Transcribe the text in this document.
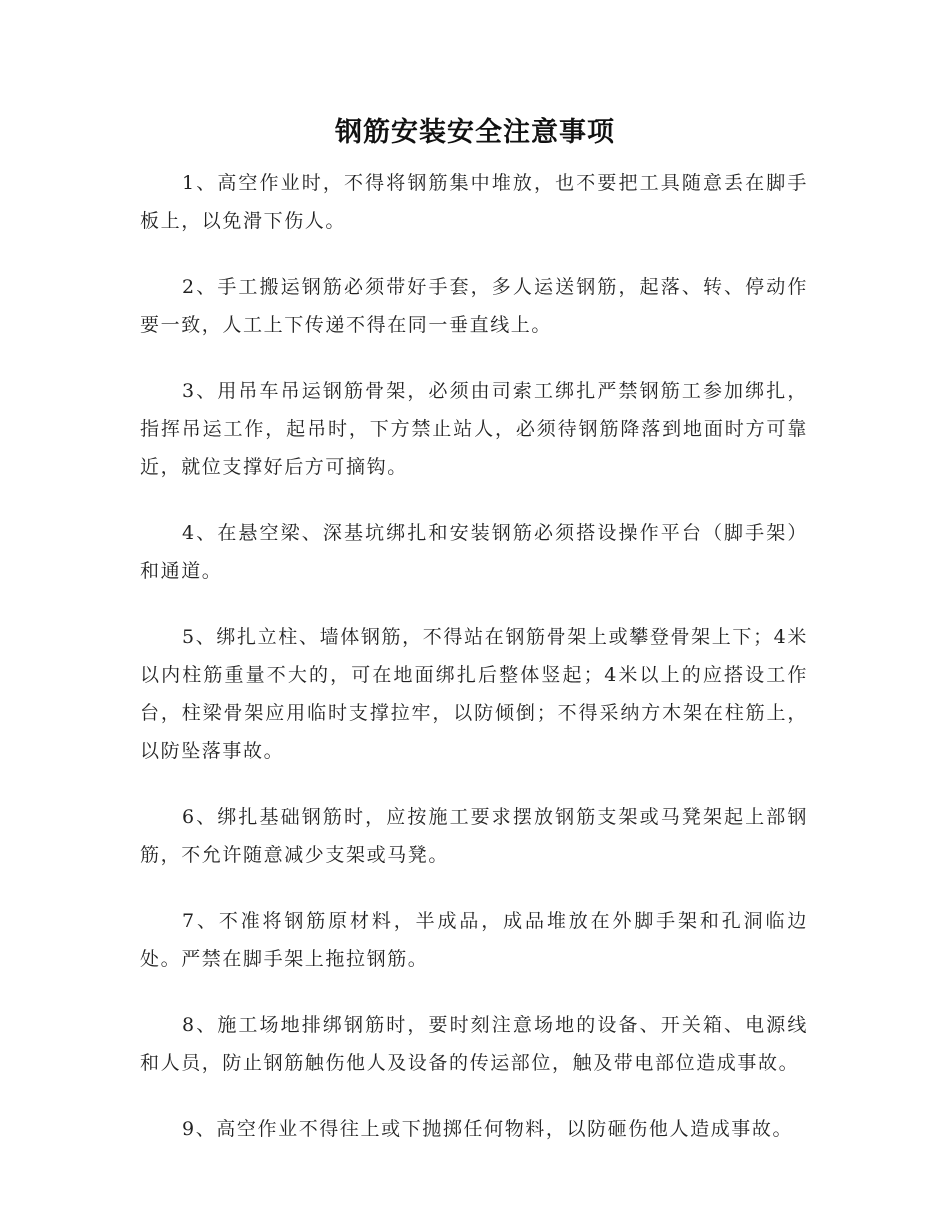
钢筋安装安全注意事项

1、高空作业时，不得将钢筋集中堆放，也不要把工具随意丢在脚手板上，以免滑下伤人。

2、手工搬运钢筋必须带好手套，多人运送钢筋，起落、转、停动作要一致，人工上下传递不得在同一垂直线上。

3、用吊车吊运钢筋骨架，必须由司索工绑扎严禁钢筋工参加绑扎，指挥吊运工作，起吊时，下方禁止站人，必须待钢筋降落到地面时方可靠近，就位支撑好后方可摘钩。

4、在悬空梁、深基坑绑扎和安装钢筋必须搭设操作平台（脚手架）和通道。

5、绑扎立柱、墙体钢筋，不得站在钢筋骨架上或攀登骨架上下；4米以内柱筋重量不大的，可在地面绑扎后整体竖起；4米以上的应搭设工作台，柱梁骨架应用临时支撑拉牢，以防倾倒；不得采纳方木架在柱筋上，以防坠落事故。

6、绑扎基础钢筋时，应按施工要求摆放钢筋支架或马凳架起上部钢筋，不允许随意减少支架或马凳。

7、不准将钢筋原材料，半成品，成品堆放在外脚手架和孔洞临边处。严禁在脚手架上拖拉钢筋。

8、施工场地排绑钢筋时，要时刻注意场地的设备、开关箱、电源线和人员，防止钢筋触伤他人及设备的传运部位，触及带电部位造成事故。

9、高空作业不得往上或下抛掷任何物料，以防砸伤他人造成事故。
